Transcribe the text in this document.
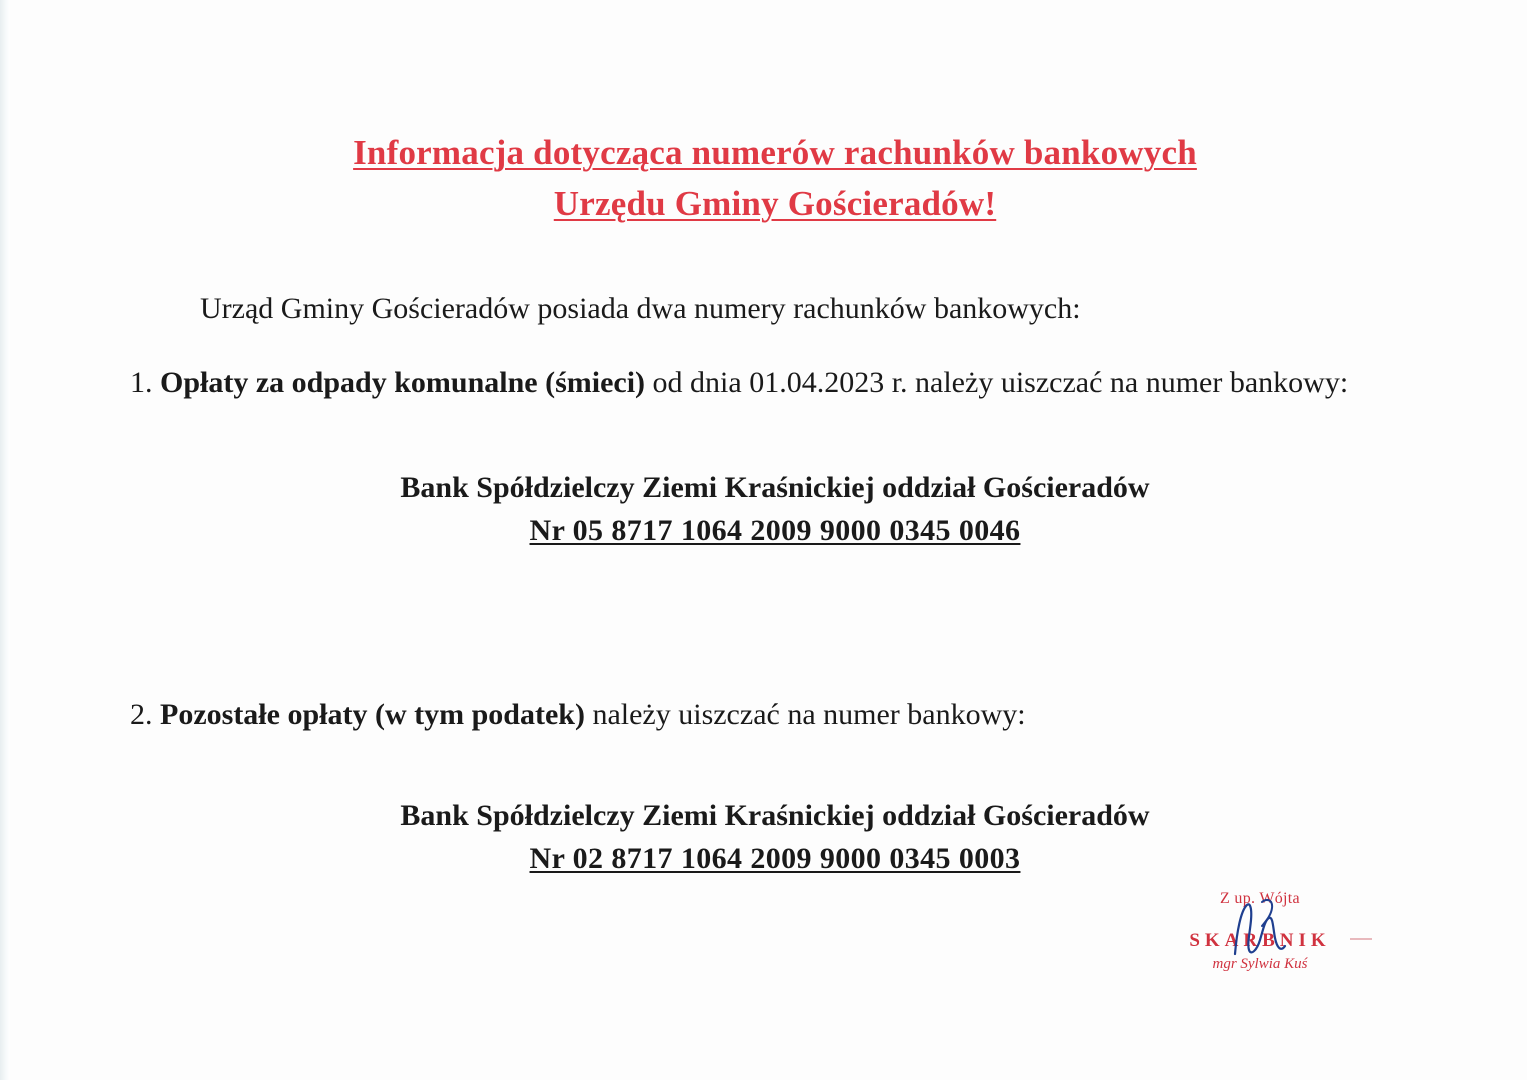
Informacja dotycząca numerów rachunków bankowych
Urzędu Gminy Gościeradów!

Urząd Gminy Gościeradów posiada dwa numery rachunków bankowych:

1. Opłaty za odpady komunalne (śmieci) od dnia 01.04.2023 r. należy uiszczać na numer bankowy:

Bank Spółdzielczy Ziemi Kraśnickiej oddział Gościeradów
Nr 05 8717 1064 2009 9000 0345 0046

2. Pozostałe opłaty (w tym podatek) należy uiszczać na numer bankowy:

Bank Spółdzielczy Ziemi Kraśnickiej oddział Gościeradów
Nr 02 8717 1064 2009 9000 0345 0003
Z up. Wójta
SKARBNIK
mgr Sylwia Kuś
